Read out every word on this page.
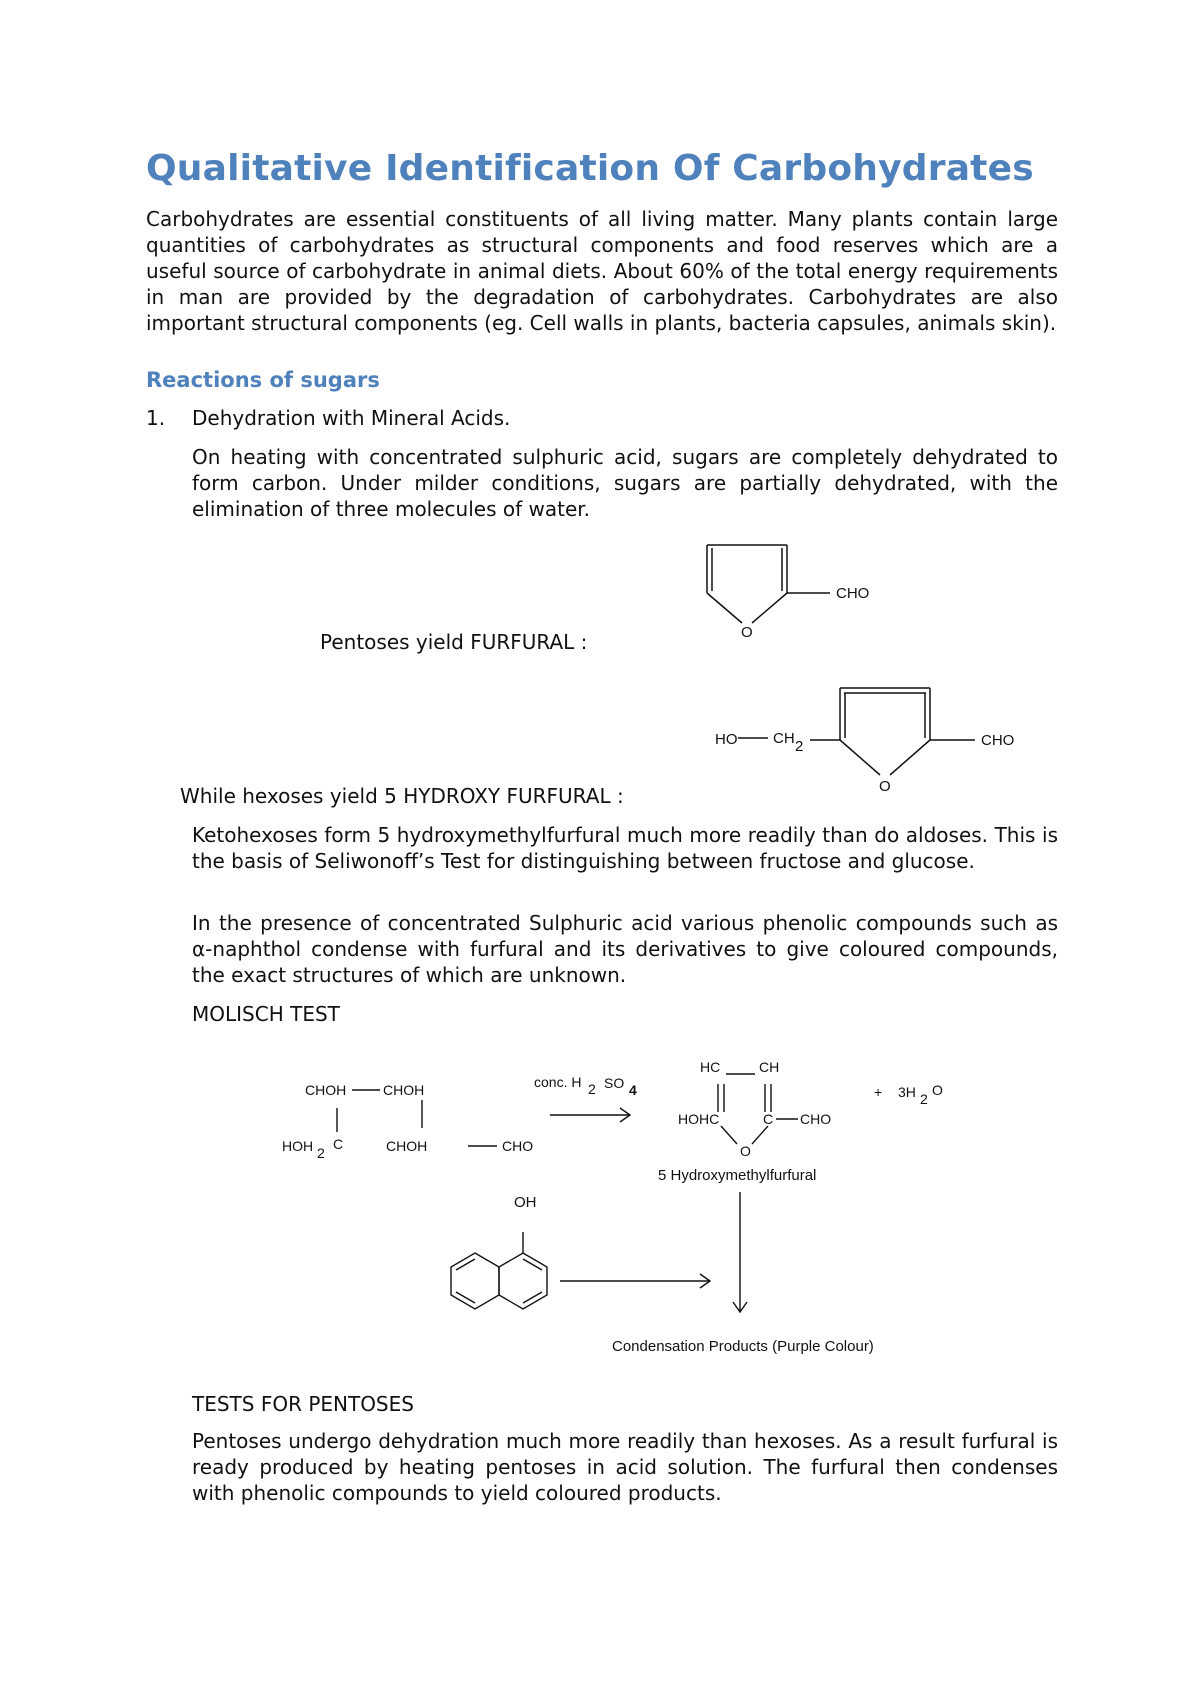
Qualitative Identification Of Carbohydrates
Carbohydrates are essential constituents of all living matter. Many plants contain large quantities of carbohydrates as structural components and food reserves which are a useful source of carbohydrate in animal diets. About 60% of the total energy requirements in man are provided by the degradation of carbohydrates. Carbohydrates are also important structural components (eg. Cell walls in plants, bacteria capsules, animals skin).
Reactions of sugars
1. Dehydration with Mineral Acids.
On heating with concentrated sulphuric acid, sugars are completely dehydrated to form carbon. Under milder conditions, sugars are partially dehydrated, with the elimination of three molecules of water.
CHO
O
Pentoses yield FURFURAL :
HO CH 2	CHO
O
While hexoses yield 5 HYDROXY FURFURAL :
Ketohexoses form 5 hydroxymethylfurfural much more readily than do aldoses. This is the basis of Seliwonoff’s Test for distinguishing between fructose and glucose.
In the presence of concentrated Sulphuric acid various phenolic compounds such as α-naphthol condense with furfural and its derivatives to give coloured compounds, the exact structures of which are unknown.
MOLISCH TEST
CHOH	CHOH
HOH 2
C	CHOH	CHO
conc. H 2 SO 4
HC	CH
HOHC	C CHO
O
+ 3H 2
O
5 Hydroxymethylfurfural
OH
Condensation Products (Purple Colour)
TESTS FOR PENTOSES
Pentoses undergo dehydration much more readily than hexoses. As a result furfural is ready produced by heating pentoses in acid solution. The furfural then condenses with phenolic compounds to yield coloured products.
